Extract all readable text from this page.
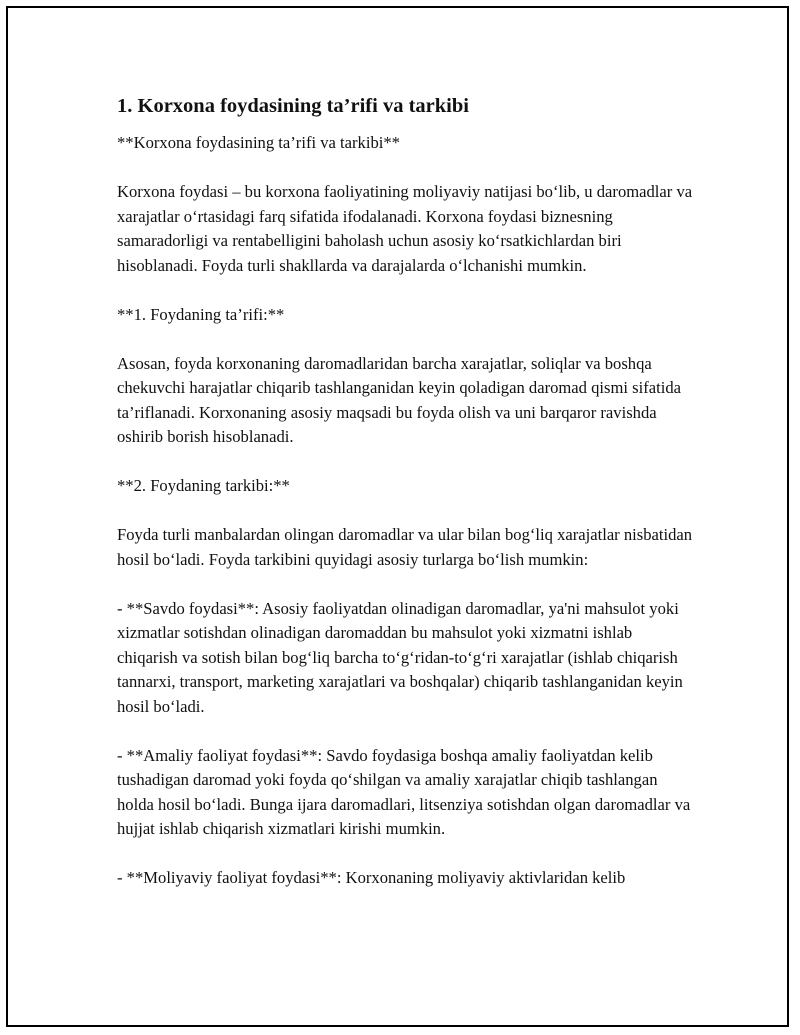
1. Korxona foydasining ta’rifi va tarkibi

**Korxona foydasining ta’rifi va tarkibi**

Korxona foydasi – bu korxona faoliyatining moliyaviy natijasi bo‘lib, u daromadlar va xarajatlar o‘rtasidagi farq sifatida ifodalanadi. Korxona foydasi biznesning samaradorligi va rentabelligini baholash uchun asosiy ko‘rsatkichlardan biri hisoblanadi. Foyda turli shakllarda va darajalarda o‘lchanishi mumkin.

**1. Foydaning ta’rifi:**

Asosan, foyda korxonaning daromadlaridan barcha xarajatlar, soliqlar va boshqa chekuvchi harajatlar chiqarib tashlanganidan keyin qoladigan daromad qismi sifatida ta’riflanadi. Korxonaning asosiy maqsadi bu foyda olish va uni barqaror ravishda oshirib borish hisoblanadi.

**2. Foydaning tarkibi:**

Foyda turli manbalardan olingan daromadlar va ular bilan bog‘liq xarajatlar nisbatidan hosil bo‘ladi. Foyda tarkibini quyidagi asosiy turlarga bo‘lish mumkin:

- **Savdo foydasi**: Asosiy faoliyatdan olinadigan daromadlar, ya'ni mahsulot yoki xizmatlar sotishdan olinadigan daromaddan bu mahsulot yoki xizmatni ishlab chiqarish va sotish bilan bog‘liq barcha to‘g‘ridan-to‘g‘ri xarajatlar (ishlab chiqarish tannarxi, transport, marketing xarajatlari va boshqalar) chiqarib tashlanganidan keyin hosil bo‘ladi.

- **Amaliy faoliyat foydasi**: Savdo foydasiga boshqa amaliy faoliyatdan kelib tushadigan daromad yoki foyda qo‘shilgan va amaliy xarajatlar chiqib tashlangan holda hosil bo‘ladi. Bunga ijara daromadlari, litsenziya sotishdan olgan daromadlar va hujjat ishlab chiqarish xizmatlari kirishi mumkin.

- **Moliyaviy faoliyat foydasi**: Korxonaning moliyaviy aktivlaridan kelib
